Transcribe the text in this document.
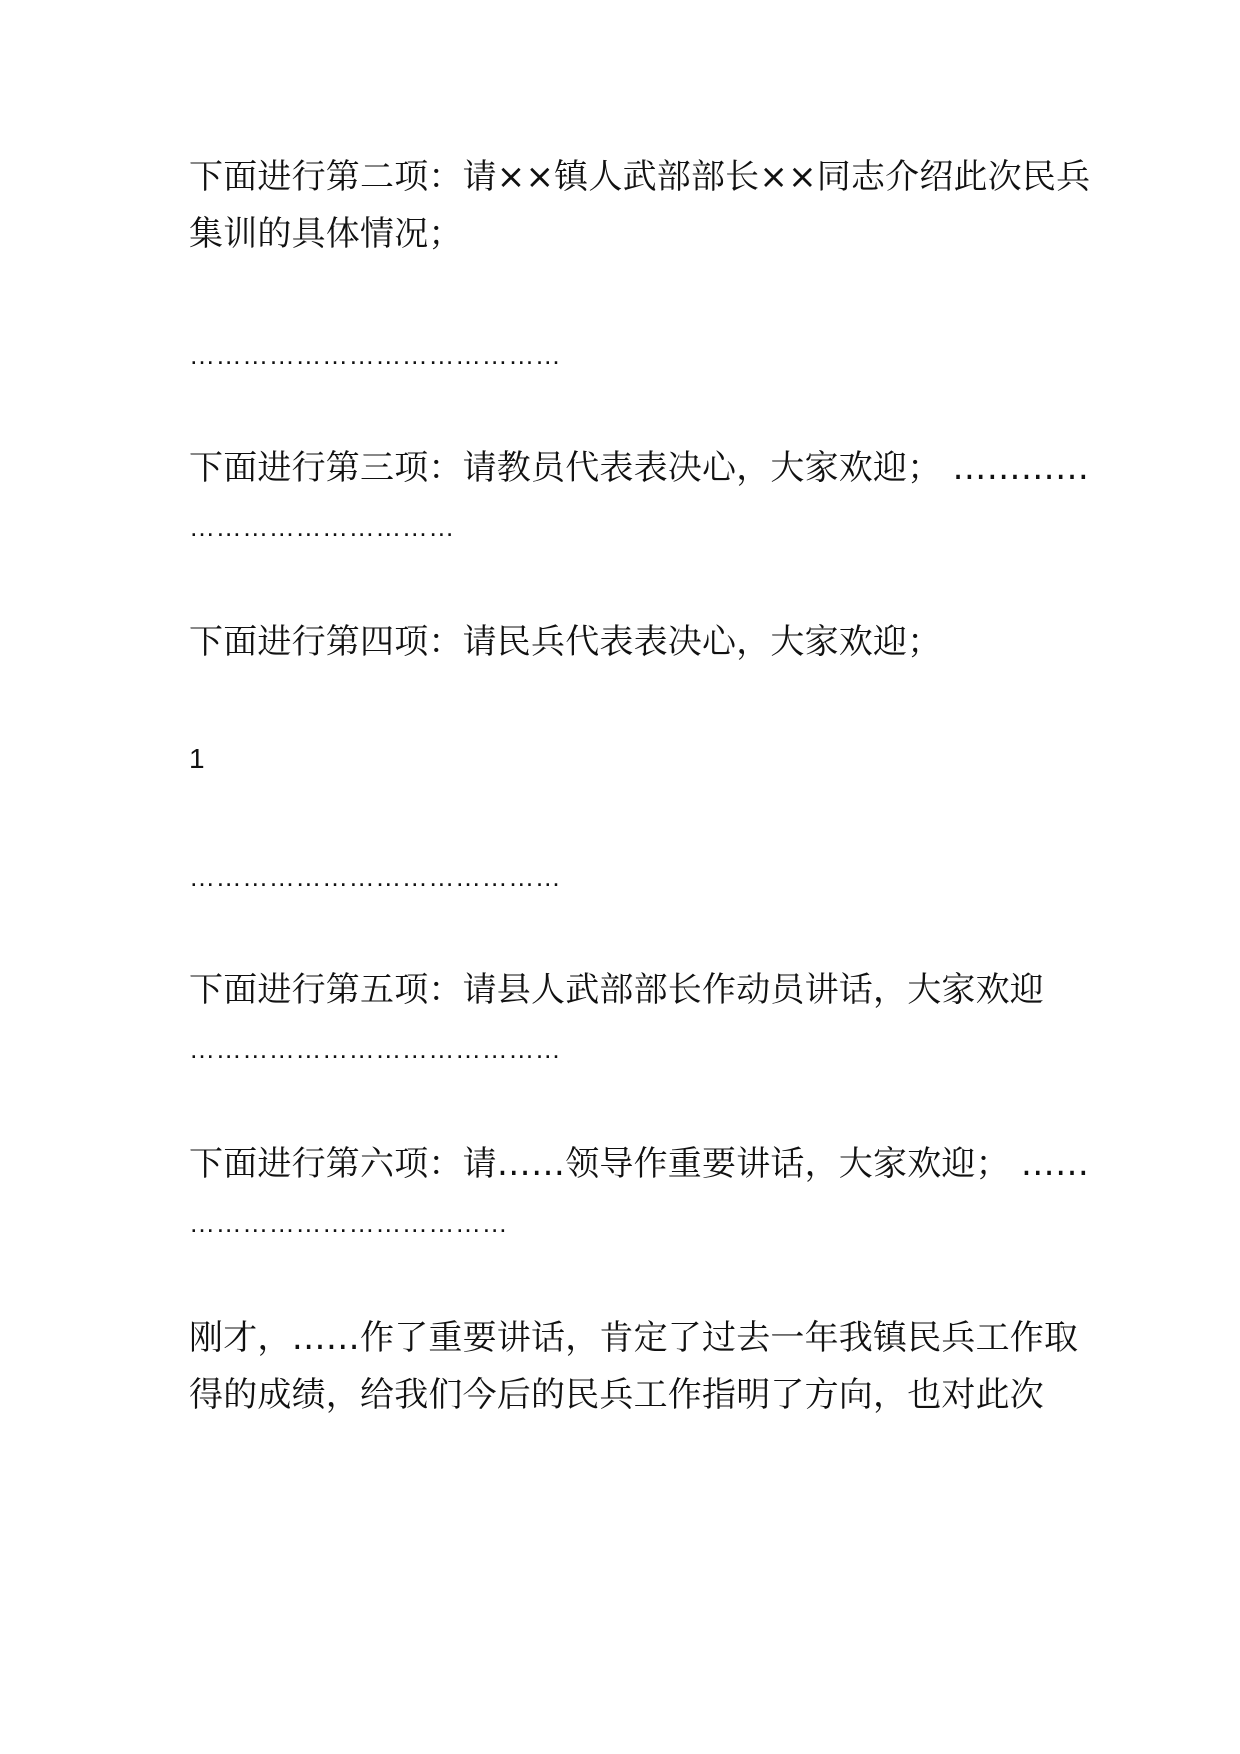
下面进行第二项：请××镇人武部部长××同志介绍此次民兵

集训的具体情况；

……………………………………

下面进行第三项：请教员代表表决心，大家欢迎； …………

…………………………

下面进行第四项：请民兵代表表决心，大家欢迎；

1

……………………………………

下面进行第五项：请县人武部部长作动员讲话，大家欢迎

……………………………………

下面进行第六项：请……领导作重要讲话，大家欢迎； ……

………………………………

刚才，……作了重要讲话，肯定了过去一年我镇民兵工作取

得的成绩，给我们今后的民兵工作指明了方向，也对此次
